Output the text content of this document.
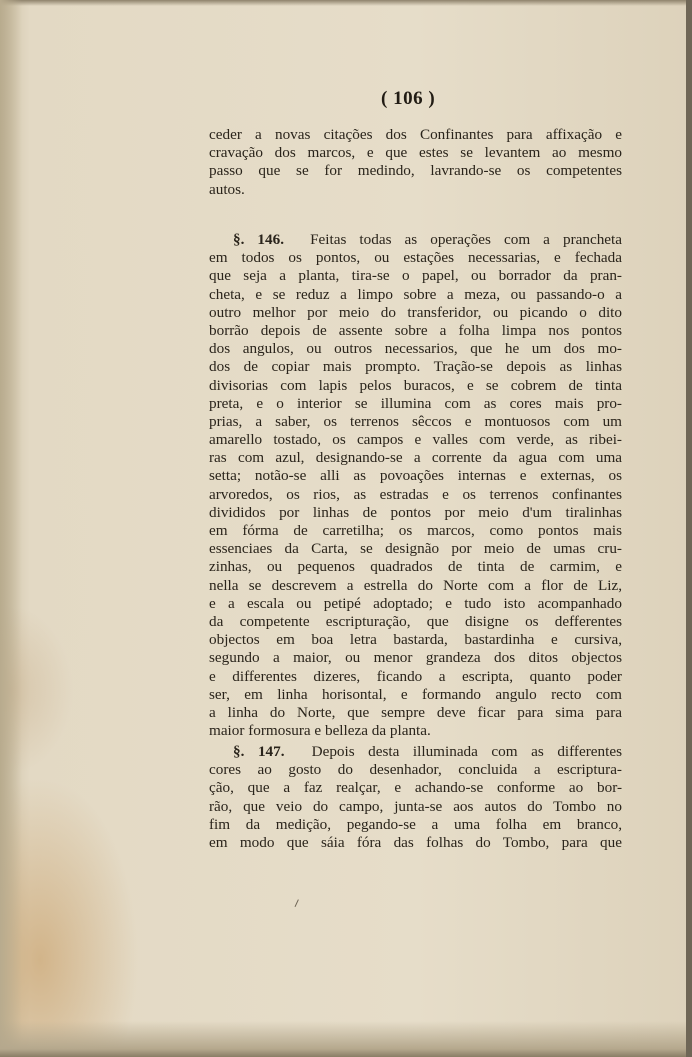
( 106 )
ceder a novas citações dos Confinantes para affixação e
cravação dos marcos, e que estes se levantem ao mesmo
passo que se for medindo, lavrando-se os competentes
autos.
§. 146. Feitas todas as operações com a prancheta
em todos os pontos, ou estações necessarias, e fechada
que seja a planta, tira-se o papel, ou borrador da pran-
cheta, e se reduz a limpo sobre a meza, ou passando-o a
outro melhor por meio do transferidor, ou picando o dito
borrão depois de assente sobre a folha limpa nos pontos
dos angulos, ou outros necessarios, que he um dos mo-
dos de copiar mais prompto. Tração-se depois as linhas
divisorias com lapis pelos buracos, e se cobrem de tinta
preta, e o interior se illumina com as cores mais pro-
prias, a saber, os terrenos sêccos e montuosos com um
amarello tostado, os campos e valles com verde, as ribei-
ras com azul, designando-se a corrente da agua com uma
setta; notão-se alli as povoações internas e externas, os
arvoredos, os rios, as estradas e os terrenos confinantes
divididos por linhas de pontos por meio d'um tiralinhas
em fórma de carretilha; os marcos, como pontos mais
essenciaes da Carta, se designão por meio de umas cru-
zinhas, ou pequenos quadrados de tinta de carmim, e
nella se descrevem a estrella do Norte com a flor de Liz,
e a escala ou petipé adoptado; e tudo isto acompanhado
da competente escripturação, que disigne os defferentes
objectos em boa letra bastarda, bastardinha e cursiva,
segundo a maior, ou menor grandeza dos ditos objectos
e differentes dizeres, ficando a escripta, quanto poder
ser, em linha horisontal, e formando angulo recto com
a linha do Norte, que sempre deve ficar para sima para
maior formosura e belleza da planta.
§. 147. Depois desta illuminada com as differentes
cores ao gosto do desenhador, concluida a escriptura-
ção, que a faz realçar, e achando-se conforme ao bor-
rão, que veio do campo, junta-se aos autos do Tombo no
fim da medição, pegando-se a uma folha em branco,
em modo que sáia fóra das folhas do Tombo, para que
